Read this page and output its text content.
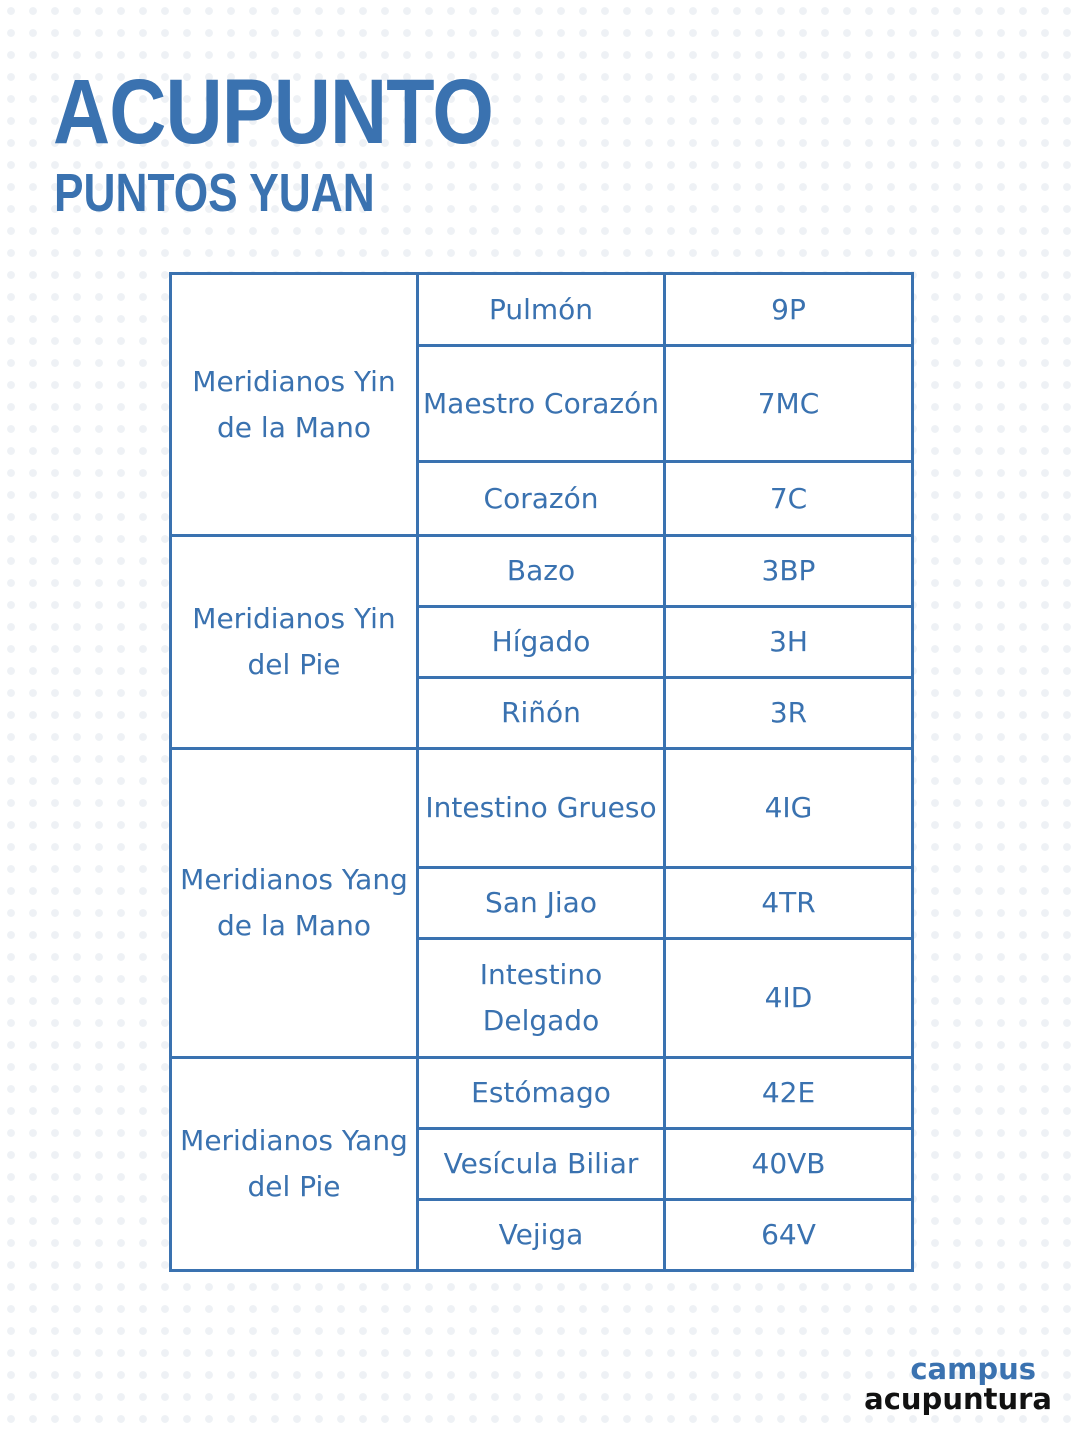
ACUPUNTO
PUNTOS YUAN
Meridianos Yin de la Mano	Pulmón	9P
	Maestro Corazón	7MC
	Corazón	7C
Meridianos Yin del Pie	Bazo	3BP
	Hígado	3H
	Riñón	3R
Meridianos Yang de la Mano	Intestino Grueso	4IG
	San Jiao	4TR
	Intestino Delgado	4ID
Meridianos Yang del Pie	Estómago	42E
	Vesícula Biliar	40VB
	Vejiga	64V
campus
acupuntura
